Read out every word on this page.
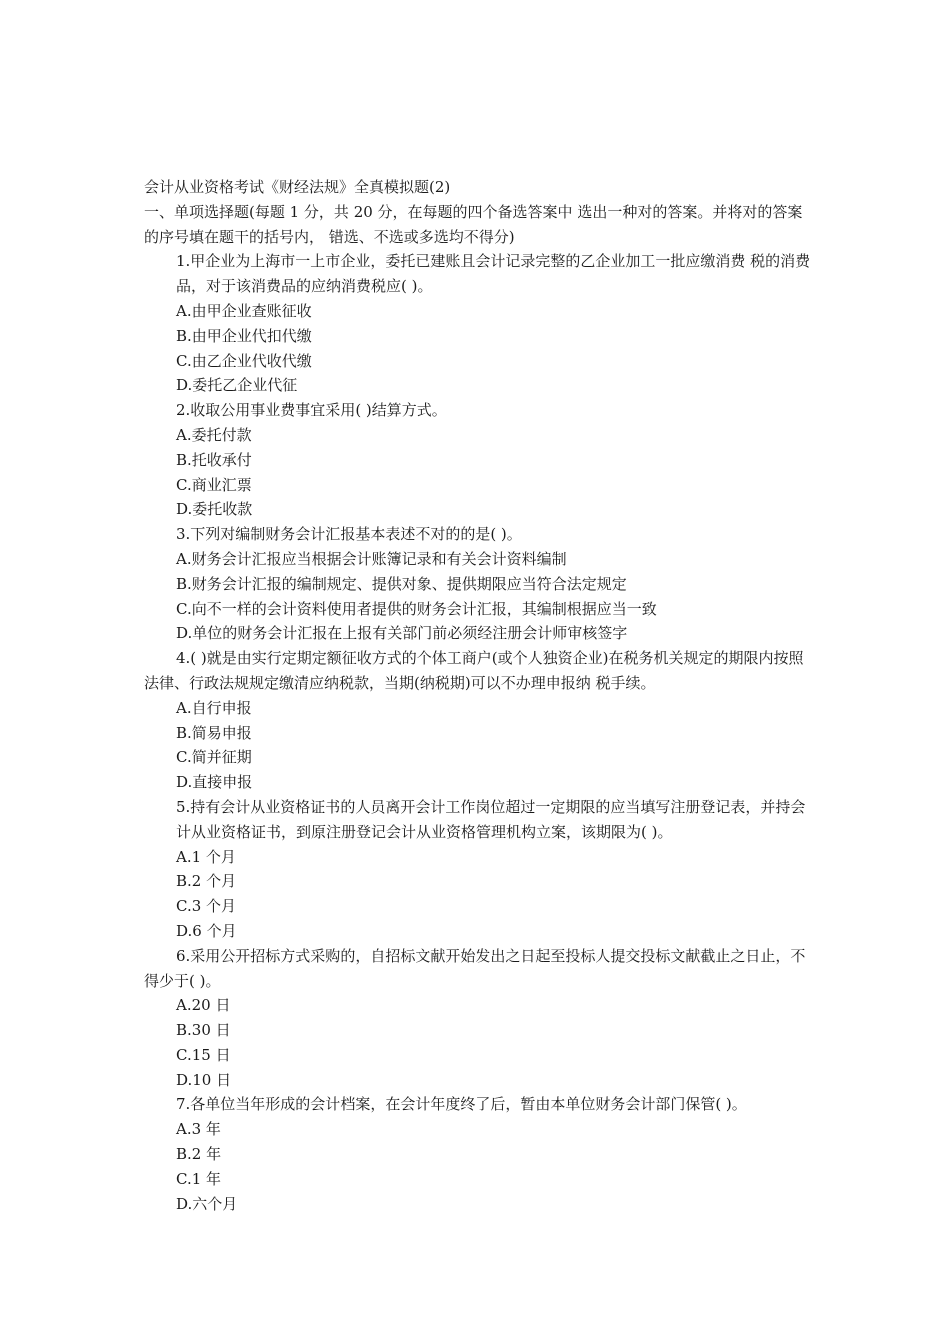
会计从业资格考试《财经法规》全真模拟题(2)
一、单项选择题(每题 1 分，共 20 分，在每题的四个备选答案中 选出一种对的答案。并将对的答案的序号填在题干的括号内， 错选、不选或多选均不得分)
1.甲企业为上海市一上市企业，委托已建账且会计记录完整的乙企业加工一批应缴消费 税的消费品，对于该消费品的应纳消费税应( )。
A.由甲企业查账征收
B.由甲企业代扣代缴
C.由乙企业代收代缴
D.委托乙企业代征
2.收取公用事业费事宜采用( )结算方式。
A.委托付款
B.托收承付
C.商业汇票
D.委托收款
3.下列对编制财务会计汇报基本表述不对的的是( )。
A.财务会计汇报应当根据会计账簿记录和有关会计资料编制
B.财务会计汇报的编制规定、提供对象、提供期限应当符合法定规定
C.向不一样的会计资料使用者提供的财务会计汇报，其编制根据应当一致
D.单位的财务会计汇报在上报有关部门前必须经注册会计师审核签字
4.( )就是由实行定期定额征收方式的个体工商户(或个人独资企业)在税务机关规定的期限内按照法律、行政法规规定缴清应纳税款，当期(纳税期)可以不办理申报纳 税手续。
A.自行申报
B.简易申报
C.简并征期
D.直接申报
5.持有会计从业资格证书的人员离开会计工作岗位超过一定期限的应当填写注册登记表，并持会计从业资格证书，到原注册登记会计从业资格管理机构立案，该期限为( )。
A.1 个月
B.2 个月
C.3 个月
D.6 个月
6.采用公开招标方式采购的，自招标文献开始发出之日起至投标人提交投标文献截止之日止，不得少于( )。
A.20 日
B.30 日
C.15 日
D.10 日
7.各单位当年形成的会计档案，在会计年度终了后，暂由本单位财务会计部门保管( )。
A.3 年
B.2 年
C.1 年
D.六个月
